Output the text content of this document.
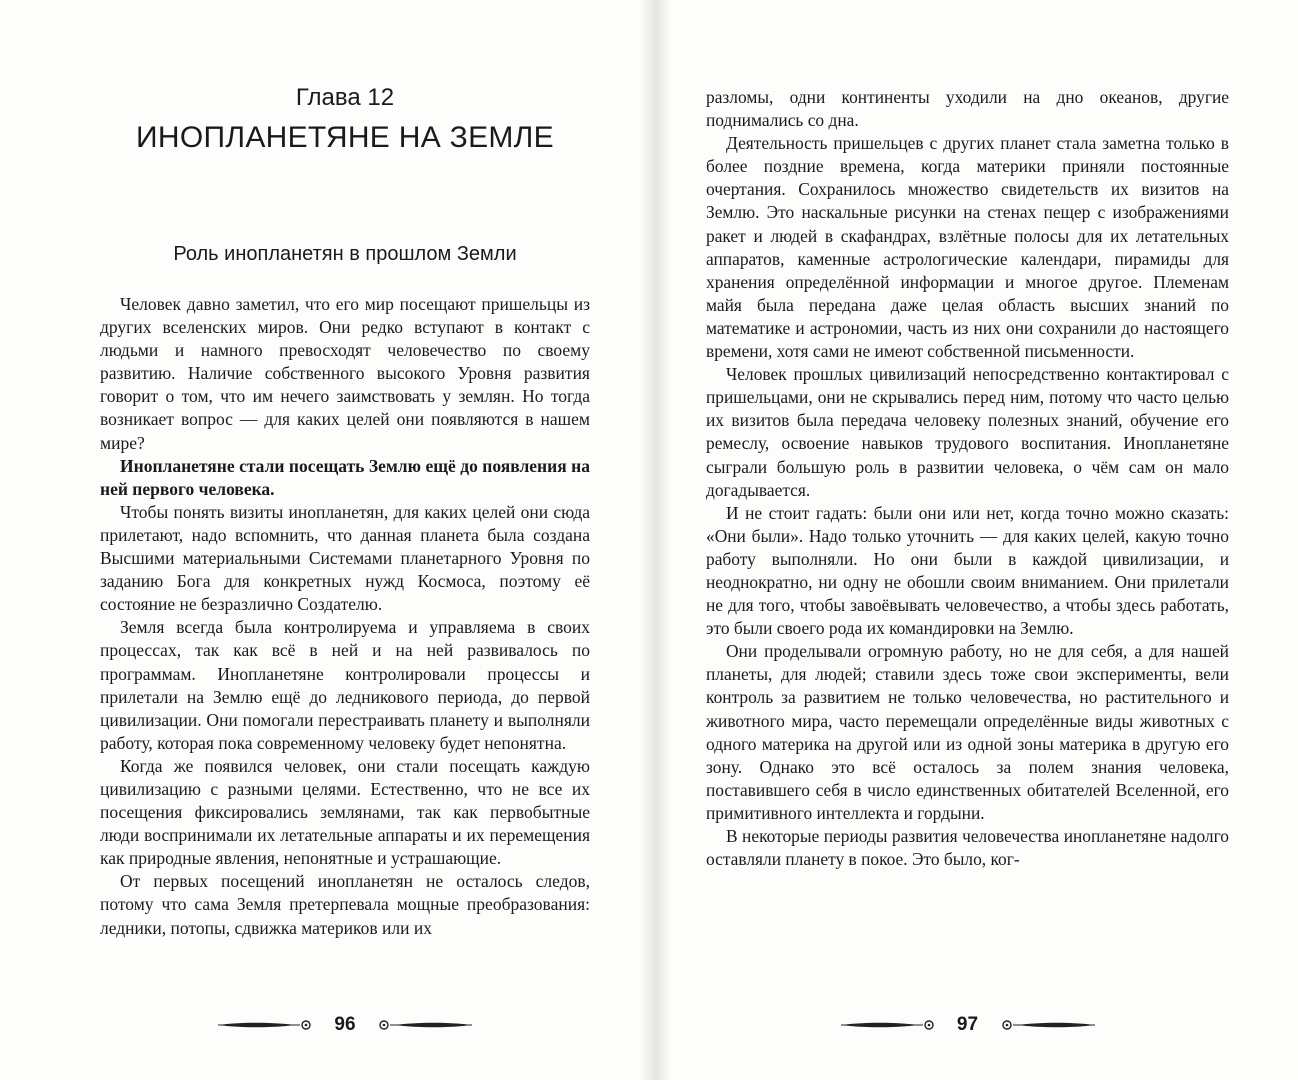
Глава 12
ИНОПЛАНЕТЯНЕ НА ЗЕМЛЕ
Роль инопланетян в прошлом Земли

Человек давно заметил, что его мир посещают пришельцы из других вселенских миров. Они редко вступают в контакт с людьми и намного превосходят человечество по своему развитию. Наличие собственного высокого Уровня развития говорит о том, что им нечего заимствовать у землян. Но тогда возникает вопрос — для каких целей они появляются в нашем мире?

Инопланетяне стали посещать Землю ещё до появления на ней первого человека.

Чтобы понять визиты инопланетян, для каких целей они сюда прилетают, надо вспомнить, что данная планета была создана Высшими материальными Системами планетарного Уровня по заданию Бога для конкретных нужд Космоса, поэтому её состояние не безразлично Создателю.

Земля всегда была контролируема и управляема в своих процессах, так как всё в ней и на ней развивалось по программам. Инопланетяне контролировали процессы и прилетали на Землю ещё до ледникового периода, до первой цивилизации. Они помогали перестраивать планету и выполняли работу, которая пока современному человеку будет непонятна.

Когда же появился человек, они стали посещать каждую цивилизацию с разными целями. Естественно, что не все их посещения фиксировались землянами, так как первобытные люди воспринимали их летательные аппараты и их перемещения как природные явления, непонятные и устрашающие.

От первых посещений инопланетян не осталось следов, потому что сама Земля претерпевала мощные преобразования: ледники, потопы, сдвижка материков или их

96

разломы, одни континенты уходили на дно океанов, другие поднимались со дна.

Деятельность пришельцев с других планет стала заметна только в более поздние времена, когда материки приняли постоянные очертания. Сохранилось множество свидетельств их визитов на Землю. Это наскальные рисунки на стенах пещер с изображениями ракет и людей в скафандрах, взлётные полосы для их летательных аппаратов, каменные астрологические календари, пирамиды для хранения определённой информации и многое другое. Племенам майя была передана даже целая область высших знаний по математике и астрономии, часть из них они сохранили до настоящего времени, хотя сами не имеют собственной письменности.

Человек прошлых цивилизаций непосредственно контактировал с пришельцами, они не скрывались перед ним, потому что часто целью их визитов была передача человеку полезных знаний, обучение его ремеслу, освоение навыков трудового воспитания. Инопланетяне сыграли большую роль в развитии человека, о чём сам он мало догадывается.

И не стоит гадать: были они или нет, когда точно можно сказать: «Они были». Надо только уточнить — для каких целей, какую точно работу выполняли. Но они были в каждой цивилизации, и неоднократно, ни одну не обошли своим вниманием. Они прилетали не для того, чтобы завоёвывать человечество, а чтобы здесь работать, это были своего рода их командировки на Землю.

Они проделывали огромную работу, но не для себя, а для нашей планеты, для людей; ставили здесь тоже свои эксперименты, вели контроль за развитием не только человечества, но растительного и животного мира, часто перемещали определённые виды животных с одного материка на другой или из одной зоны материка в другую его зону. Однако это всё осталось за полем знания человека, поставившего себя в число единственных обитателей Вселенной, его примитивного интеллекта и гордыни.

В некоторые периоды развития человечества инопланетяне надолго оставляли планету в покое. Это было, ког-

97
